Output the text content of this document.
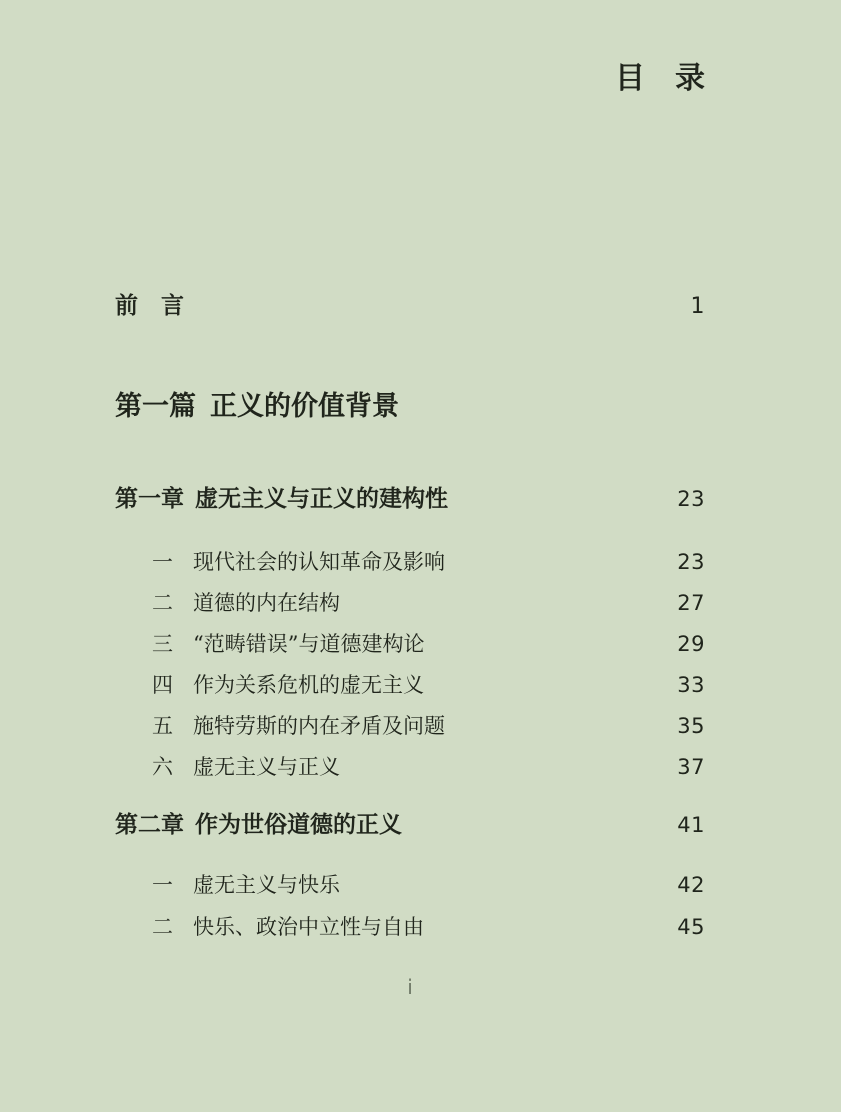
目　录
前　言	1
第一篇 正义的价值背景
第一章 虚无主义与正义的建构性	23
一 现代社会的认知革命及影响	23
二 道德的内在结构	27
三 “范畴错误”与道德建构论	29
四 作为关系危机的虚无主义	33
五 施特劳斯的内在矛盾及问题	35
六 虚无主义与正义	37
第二章 作为世俗道德的正义	41
一 虚无主义与快乐	42
二 快乐、政治中立性与自由	45
i
